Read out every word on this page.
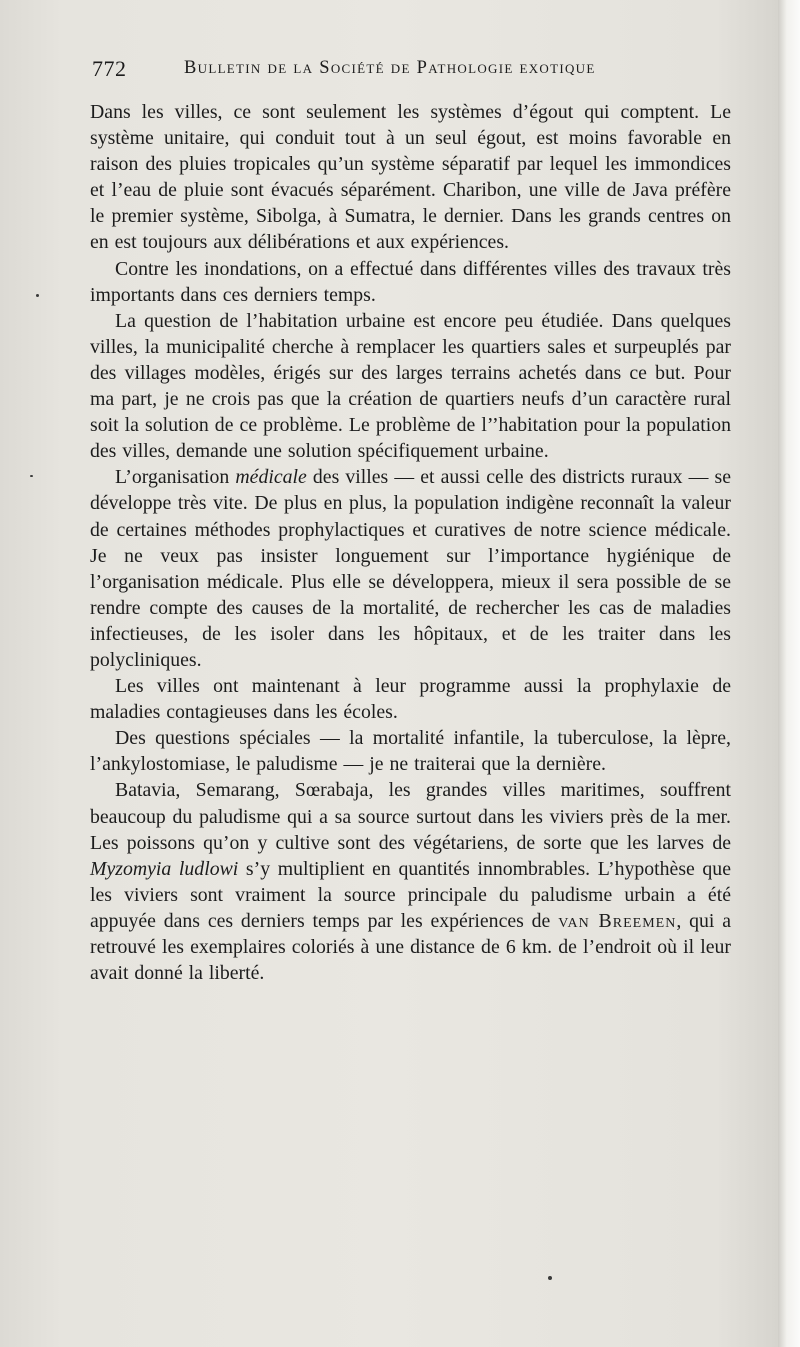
772	Bulletin de la Société de Pathologie exotique

Dans les villes, ce sont seulement les systèmes d’égout qui comptent. Le système unitaire, qui conduit tout à un seul égout, est moins favorable en raison des pluies tropicales qu’un système séparatif par lequel les immondices et l’eau de pluie sont évacués séparément. Charibon, une ville de Java préfère le premier système, Sibolga, à Sumatra, le dernier. Dans les grands centres on en est toujours aux délibérations et aux expériences.

Contre les inondations, on a effectué dans différentes villes des travaux très importants dans ces derniers temps.

La question de l’habitation urbaine est encore peu étudiée. Dans quelques villes, la municipalité cherche à remplacer les quartiers sales et surpeuplés par des villages modèles, érigés sur des larges terrains achetés dans ce but. Pour ma part, je ne crois pas que la création de quartiers neufs d’un caractère rural soit la solution de ce problème. Le problème de l’’habitation pour la population des villes, demande une solution spécifiquement urbaine.

L’organisation médicale des villes — et aussi celle des districts ruraux — se développe très vite. De plus en plus, la population indigène reconnaît la valeur de certaines méthodes prophylactiques et curatives de notre science médicale. Je ne veux pas insister longuement sur l’importance hygiénique de l’organisation médicale. Plus elle se développera, mieux il sera possible de se rendre compte des causes de la mortalité, de rechercher les cas de maladies infectieuses, de les isoler dans les hôpitaux, et de les traiter dans les polycliniques.

Les villes ont maintenant à leur programme aussi la prophylaxie de maladies contagieuses dans les écoles.

Des questions spéciales — la mortalité infantile, la tuberculose, la lèpre, l’ankylostomiase, le paludisme — je ne traiterai que la dernière.

Batavia, Semarang, Sœrabaja, les grandes villes maritimes, souffrent beaucoup du paludisme qui a sa source surtout dans les viviers près de la mer. Les poissons qu’on y cultive sont des végétariens, de sorte que les larves de Myzomyia ludlowi s’y multiplient en quantités innombrables. L’hypothèse que les viviers sont vraiment la source principale du paludisme urbain a été appuyée dans ces derniers temps par les expériences de van Breemen, qui a retrouvé les exemplaires coloriés à une distance de 6 km. de l’endroit où il leur avait donné la liberté.
